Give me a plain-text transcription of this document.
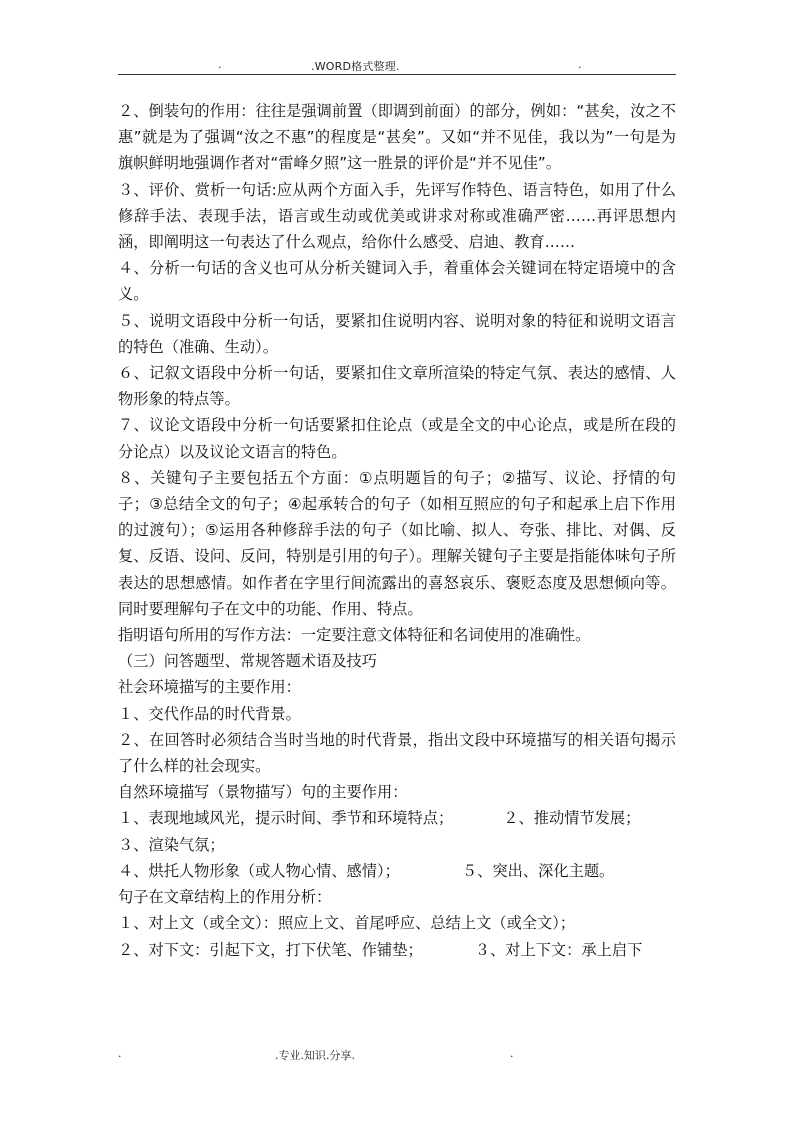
.	.WORD格式整理.	.

２、倒装句的作用：往往是强调前置（即调到前面）的部分，例如：“甚矣，汝之不惠”就是为了强调“汝之不惠”的程度是“甚矣”。又如“并不见佳，我以为”一句是为旗帜鲜明地强调作者对“雷峰夕照”这一胜景的评价是“并不见佳”。

３、评价、赏析一句话:应从两个方面入手，先评写作特色、语言特色，如用了什么修辞手法、表现手法，语言或生动或优美或讲求对称或准确严密……再评思想内涵，即阐明这一句表达了什么观点，给你什么感受、启迪、教育……

４、分析一句话的含义也可从分析关键词入手，着重体会关键词在特定语境中的含义。

５、说明文语段中分析一句话，要紧扣住说明内容、说明对象的特征和说明文语言的特色（准确、生动）。

６、记叙文语段中分析一句话，要紧扣住文章所渲染的特定气氛、表达的感情、人物形象的特点等。

７、议论文语段中分析一句话要紧扣住论点（或是全文的中心论点，或是所在段的分论点）以及议论文语言的特色。

８、关键句子主要包括五个方面：①点明题旨的句子；②描写、议论、抒情的句子；③总结全文的句子；④起承转合的句子（如相互照应的句子和起承上启下作用的过渡句）；⑤运用各种修辞手法的句子（如比喻、拟人、夸张、排比、对偶、反复、反语、设问、反问，特别是引用的句子）。理解关键句子主要是指能体味句子所表达的思想感情。如作者在字里行间流露出的喜怒哀乐、褒贬态度及思想倾向等。同时要理解句子在文中的功能、作用、特点。

指明语句所用的写作方法：一定要注意文体特征和名词使用的准确性。

（三）问答题型、常规答题术语及技巧

社会环境描写的主要作用：

１、交代作品的时代背景。

２、在回答时必须结合当时当地的时代背景，指出文段中环境描写的相关语句揭示了什么样的社会现实。

自然环境描写（景物描写）句的主要作用：

１、表现地域风光，提示时间、季节和环境特点；	２、推动情节发展；

３、渲染气氛；

４、烘托人物形象（或人物心情、感情）；	５、突出、深化主题。

句子在文章结构上的作用分析：

１、对上文（或全文）：照应上文、首尾呼应、总结上文（或全文）；

２、对下文：引起下文，打下伏笔、作铺垫；	３、对上下文：承上启下
.	.专业.知识.分享.	.
